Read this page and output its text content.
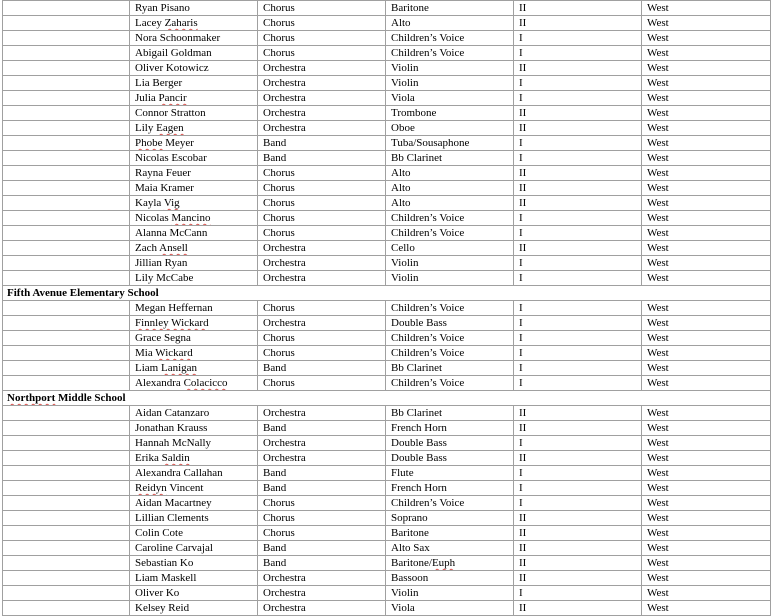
	Ryan Pisano	Chorus	Baritone	II	West
	Lacey Zaharis	Chorus	Alto	II	West
	Nora Schoonmaker	Chorus	Children’s Voice	I	West
	Abigail Goldman	Chorus	Children’s Voice	I	West
	Oliver Kotowicz	Orchestra	Violin	II	West
	Lia Berger	Orchestra	Violin	I	West
	Julia Pancir	Orchestra	Viola	I	West
	Connor Stratton	Orchestra	Trombone	II	West
	Lily Eagen	Orchestra	Oboe	II	West
	Phobe Meyer	Band	Tuba/Sousaphone	I	West
	Nicolas Escobar	Band	Bb Clarinet	I	West
	Rayna Feuer	Chorus	Alto	II	West
	Maia Kramer	Chorus	Alto	II	West
	Kayla Vig	Chorus	Alto	II	West
	Nicolas Mancino	Chorus	Children’s Voice	I	West
	Alanna McCann	Chorus	Children’s Voice	I	West
	Zach Ansell	Orchestra	Cello	II	West
	Jillian Ryan	Orchestra	Violin	I	West
	Lily McCabe	Orchestra	Violin	I	West
Fifth Avenue Elementary School					
	Megan Heffernan	Chorus	Children’s Voice	I	West
	Finnley Wickard	Orchestra	Double Bass	I	West
	Grace Segna	Chorus	Children’s Voice	I	West
	Mia Wickard	Chorus	Children’s Voice	I	West
	Liam Lanigan	Band	Bb Clarinet	I	West
	Alexandra Colacicco	Chorus	Children’s Voice	I	West
Northport Middle School					
	Aidan Catanzaro	Orchestra	Bb Clarinet	II	West
	Jonathan Krauss	Band	French Horn	II	West
	Hannah McNally	Orchestra	Double Bass	I	West
	Erika Saldin	Orchestra	Double Bass	II	West
	Alexandra Callahan	Band	Flute	I	West
	Reidyn Vincent	Band	French Horn	I	West
	Aidan Macartney	Chorus	Children’s Voice	I	West
	Lillian Clements	Chorus	Soprano	II	West
	Colin Cote	Chorus	Baritone	II	West
	Caroline Carvajal	Band	Alto Sax	II	West
	Sebastian Ko	Band	Baritone/Euph	II	West
	Liam Maskell	Orchestra	Bassoon	II	West
	Oliver Ko	Orchestra	Violin	I	West
	Kelsey Reid	Orchestra	Viola	II	West
